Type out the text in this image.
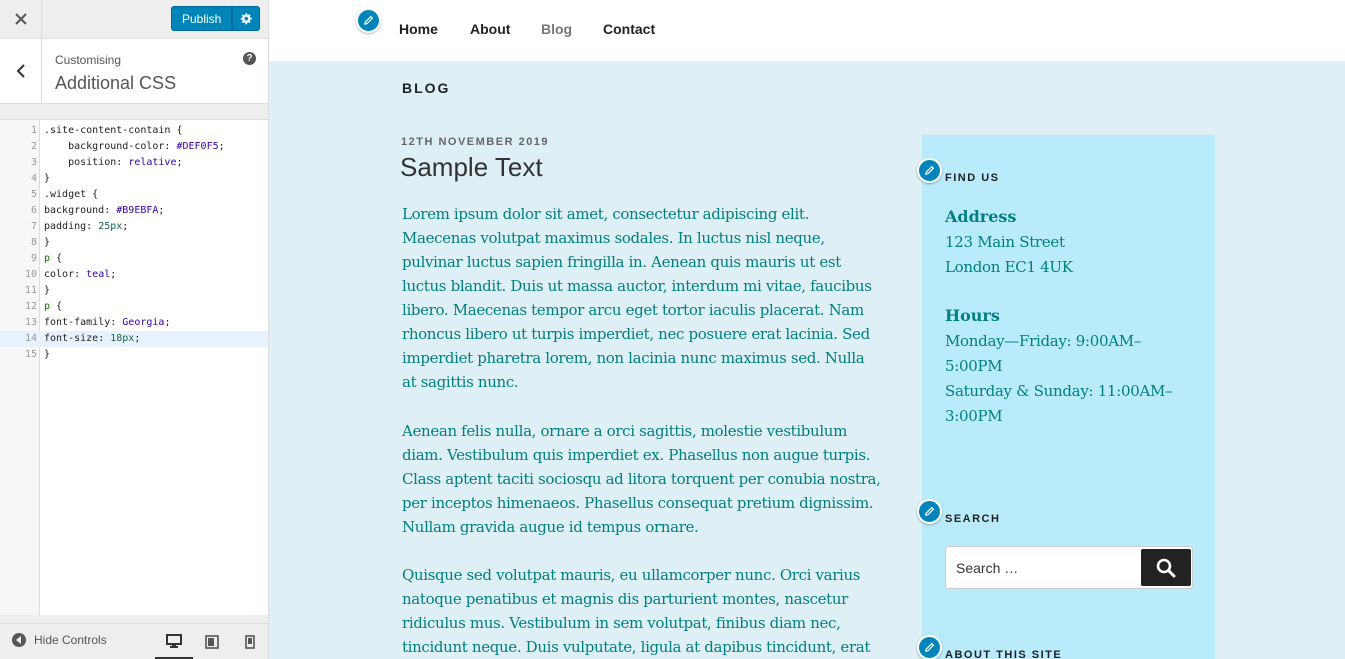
Publish
Customising
Additional CSS
?
1 .site-content-contain {
2	background-color: #DEF0F5;
3	position: relative;
4 }
5 .widget {
6 background: #B9EBFA;
7 padding: 25px;
8 }
9 p {
10 color: teal;
11 }
12 p {
13 font-family: Georgia;
14 font-size: 18px;
15 }
Hide Controls
Home About Blog Contact
BLOG
12TH NOVEMBER 2019
Sample Text

Lorem ipsum dolor sit amet, consectetur adipiscing elit. Maecenas volutpat maximus sodales. In luctus nisl neque, pulvinar luctus sapien fringilla in. Aenean quis mauris ut est luctus blandit. Duis ut massa auctor, interdum mi vitae, faucibus libero. Maecenas tempor arcu eget tortor iaculis placerat. Nam rhoncus libero ut turpis imperdiet, nec posuere erat lacinia. Sed imperdiet pharetra lorem, non lacinia nunc maximus sed. Nulla at sagittis nunc.

Aenean felis nulla, ornare a orci sagittis, molestie vestibulum diam. Vestibulum quis imperdiet ex. Phasellus non augue turpis. Class aptent taciti sociosqu ad litora torquent per conubia nostra, per inceptos himenaeos. Phasellus consequat pretium dignissim. Nullam gravida augue id tempus ornare.

Quisque sed volutpat mauris, eu ullamcorper nunc. Orci varius natoque penatibus et magnis dis parturient montes, nascetur ridiculus mus. Vestibulum in sem volutpat, finibus diam nec, tincidunt neque. Duis vulputate, ligula at dapibus tincidunt, erat

FIND US
Address
123 Main Street
London EC1 4UK
Hours
Monday—Friday: 9:00AM–5:00PM
Saturday & Sunday: 11:00AM–3:00PM
SEARCH
Search …
ABOUT THIS SITE
